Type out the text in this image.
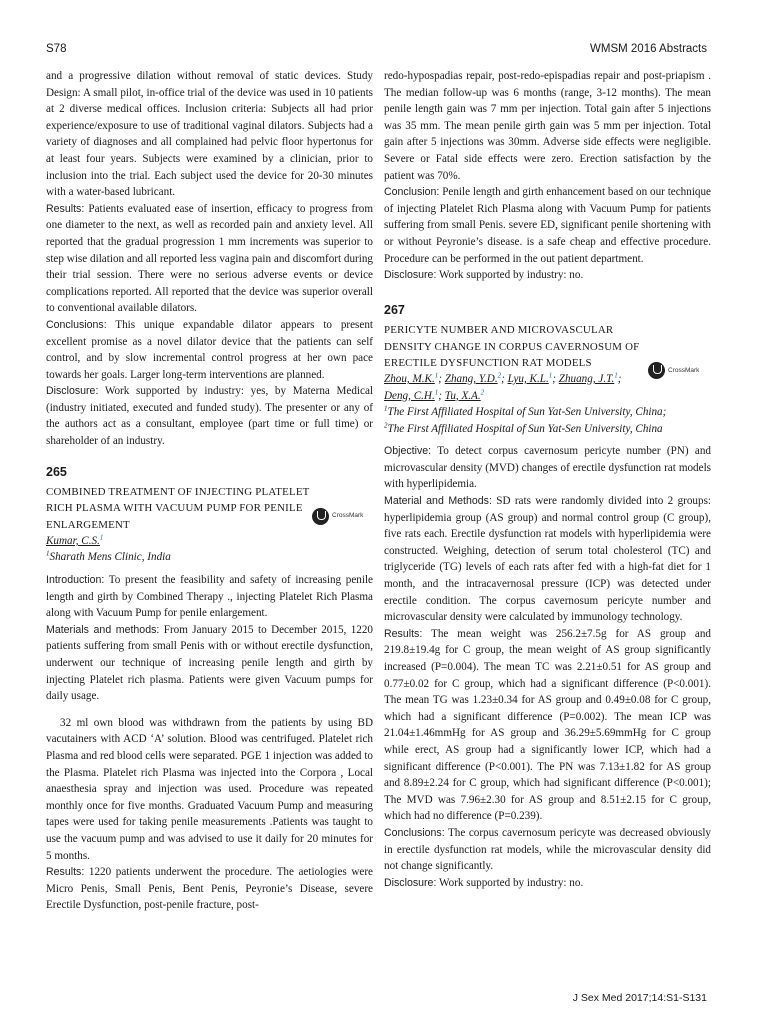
S78	WMSM 2016 Abstracts

and a progressive dilation without removal of static devices. Study Design: A small pilot, in-office trial of the device was used in 10 patients at 2 diverse medical offices. Inclusion criteria: Subjects all had prior experience/exposure to use of traditional vaginal dilators. Subjects had a variety of diagnoses and all complained had pelvic floor hypertonus for at least four years. Subjects were examined by a clinician, prior to inclusion into the trial. Each subject used the device for 20-30 minutes with a water-based lubricant.

Results: Patients evaluated ease of insertion, efficacy to progress from one diameter to the next, as well as recorded pain and anxiety level. All reported that the gradual progression 1 mm increments was superior to step wise dilation and all reported less vagina pain and discomfort during their trial session. There were no serious adverse events or device complications reported. All reported that the device was superior overall to conventional available dilators.

Conclusions: This unique expandable dilator appears to present excellent promise as a novel dilator device that the patients can self control, and by slow incremental control progress at her own pace towards her goals. Larger long-term interventions are planned.

Disclosure: Work supported by industry: yes, by Materna Medical (industry initiated, executed and funded study). The presenter or any of the authors act as a consultant, employee (part time or full time) or shareholder of an industry.

265
COMBINED TREATMENT OF INJECTING PLATELET RICH PLASMA WITH VACUUM PUMP FOR PENILE ENLARGEMENT
CrossMark
Kumar, C.S.$^1$
$^1$Sharath Mens Clinic, India

Introduction: To present the feasibility and safety of increasing penile length and girth by Combined Therapy ., injecting Platelet Rich Plasma along with Vacuum Pump for penile enlargement.

Materials and methods: From January 2015 to December 2015, 1220 patients suffering from small Penis with or without erectile dysfunction, underwent our technique of increasing penile length and girth by injecting Platelet rich plasma. Patients were given Vacuum pumps for daily usage.

32 ml own blood was withdrawn from the patients by using BD vacutainers with ACD ‘A’ solution. Blood was centrifuged. Platelet rich Plasma and red blood cells were separated. PGE 1 injection was added to the Plasma. Platelet rich Plasma was injected into the Corpora , Local anaesthesia spray and injection was used. Procedure was repeated monthly once for five months. Graduated Vacuum Pump and measuring tapes were used for taking penile measurements .Patients was taught to use the vacuum pump and was advised to use it daily for 20 minutes for 5 months.

Results: 1220 patients underwent the procedure. The aetiologies were Micro Penis, Small Penis, Bent Penis, Peyronie’s Disease, severe Erectile Dysfunction, post-penile fracture, post-

redo-hypospadias repair, post-redo-epispadias repair and post-priapism . The median follow-up was 6 months (range, 3-12 months). The mean penile length gain was 7 mm per injection. Total gain after 5 injections was 35 mm. The mean penile girth gain was 5 mm per injection. Total gain after 5 injections was 30mm. Adverse side effects were negligible. Severe or Fatal side effects were zero. Erection satisfaction by the patient was 70%.

Conclusion: Penile length and girth enhancement based on our technique of injecting Platelet Rich Plasma along with Vacuum Pump for patients suffering from small Penis. severe ED, significant penile shortening with or without Peyronie’s disease. is a safe cheap and effective procedure. Procedure can be performed in the out patient department.

Disclosure: Work supported by industry: no.

267
PERICYTE NUMBER AND MICROVASCULAR DENSITY CHANGE IN CORPUS CAVERNOSUM OF ERECTILE DYSFUNCTION RAT MODELS
CrossMark
Zhou, M.K.$^1$; Zhang, Y.D.$^2$; Lyu, K.L.$^1$; Zhuang, J.T.$^1$;
Deng, C.H.$^1$; Tu, X.A.$^2$
$^1$The First Affiliated Hospital of Sun Yat-Sen University, China;
$^2$The First Affiliated Hospital of Sun Yat-Sen University, China

Objective: To detect corpus cavernosum pericyte number (PN) and microvascular density (MVD) changes of erectile dysfunction rat models with hyperlipidemia.

Material and Methods: SD rats were randomly divided into 2 groups: hyperlipidemia group (AS group) and normal control group (C group), five rats each. Erectile dysfunction rat models with hyperlipidemia were constructed. Weighing, detection of serum total cholesterol (TC) and triglyceride (TG) levels of each rats after fed with a high-fat diet for 1 month, and the intracavernosal pressure (ICP) was detected under erectile condition. The corpus cavernosum pericyte number and microvascular density were calculated by immunology technology.

Results: The mean weight was 256.2±7.5g for AS group and 219.8±19.4g for C group, the mean weight of AS group significantly increased (P=0.004). The mean TC was 2.21±0.51 for AS group and 0.77±0.02 for C group, which had a significant difference (P<0.001). The mean TG was 1.23±0.34 for AS group and 0.49±0.08 for C group, which had a significant difference (P=0.002). The mean ICP was 21.04±1.46mmHg for AS group and 36.29±5.69mmHg for C group while erect, AS group had a significantly lower ICP, which had a significant difference (P<0.001). The PN was 7.13±1.82 for AS group and 8.89±2.24 for C group, which had significant difference (P<0.001); The MVD was 7.96±2.30 for AS group and 8.51±2.15 for C group, which had no difference (P=0.239).

Conclusions: The corpus cavernosum pericyte was decreased obviously in erectile dysfunction rat models, while the microvascular density did not change significantly.

Disclosure: Work supported by industry: no.

J Sex Med 2017;14:S1-S131
